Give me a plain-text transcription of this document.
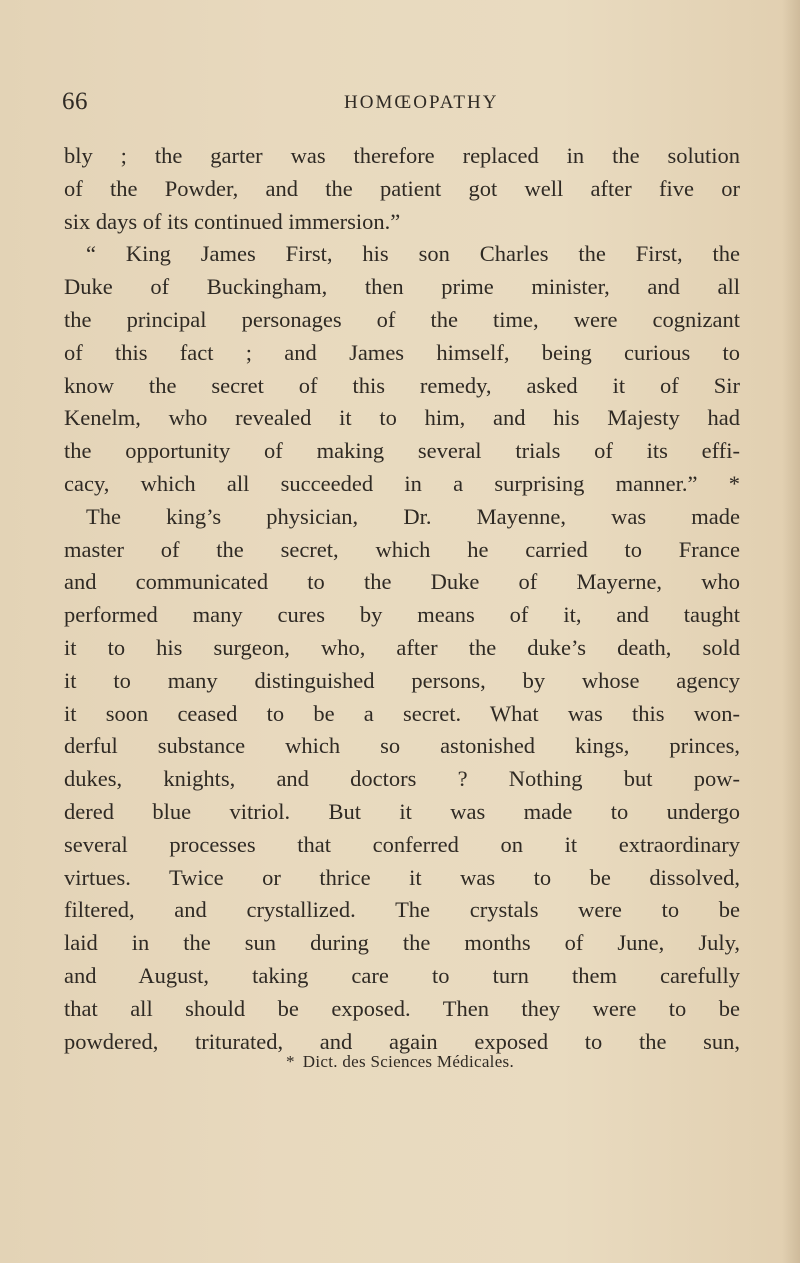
66	HOMŒOPATHY
bly ; the garter was therefore replaced in the solution
of the Powder, and the patient got well after five or
six days of its continued immersion.”
“ King James First, his son Charles the First, the
Duke of Buckingham, then prime minister, and all
the principal personages of the time, were cognizant
of this fact ; and James himself, being curious to
know the secret of this remedy, asked it of Sir
Kenelm, who revealed it to him, and his Majesty had
the opportunity of making several trials of its effi-
cacy, which all succeeded in a surprising manner.” *
The king’s physician, Dr. Mayenne, was made
master of the secret, which he carried to France
and communicated to the Duke of Mayerne, who
performed many cures by means of it, and taught
it to his surgeon, who, after the duke’s death, sold
it to many distinguished persons, by whose agency
it soon ceased to be a secret. What was this won-
derful substance which so astonished kings, princes,
dukes, knights, and doctors ? Nothing but pow-
dered blue vitriol. But it was made to undergo
several processes that conferred on it extraordinary
virtues. Twice or thrice it was to be dissolved,
filtered, and crystallized. The crystals were to be
laid in the sun during the months of June, July,
and August, taking care to turn them carefully
that all should be exposed. Then they were to be
powdered, triturated, and again exposed to the sun,
* Dict. des Sciences Médicales.
